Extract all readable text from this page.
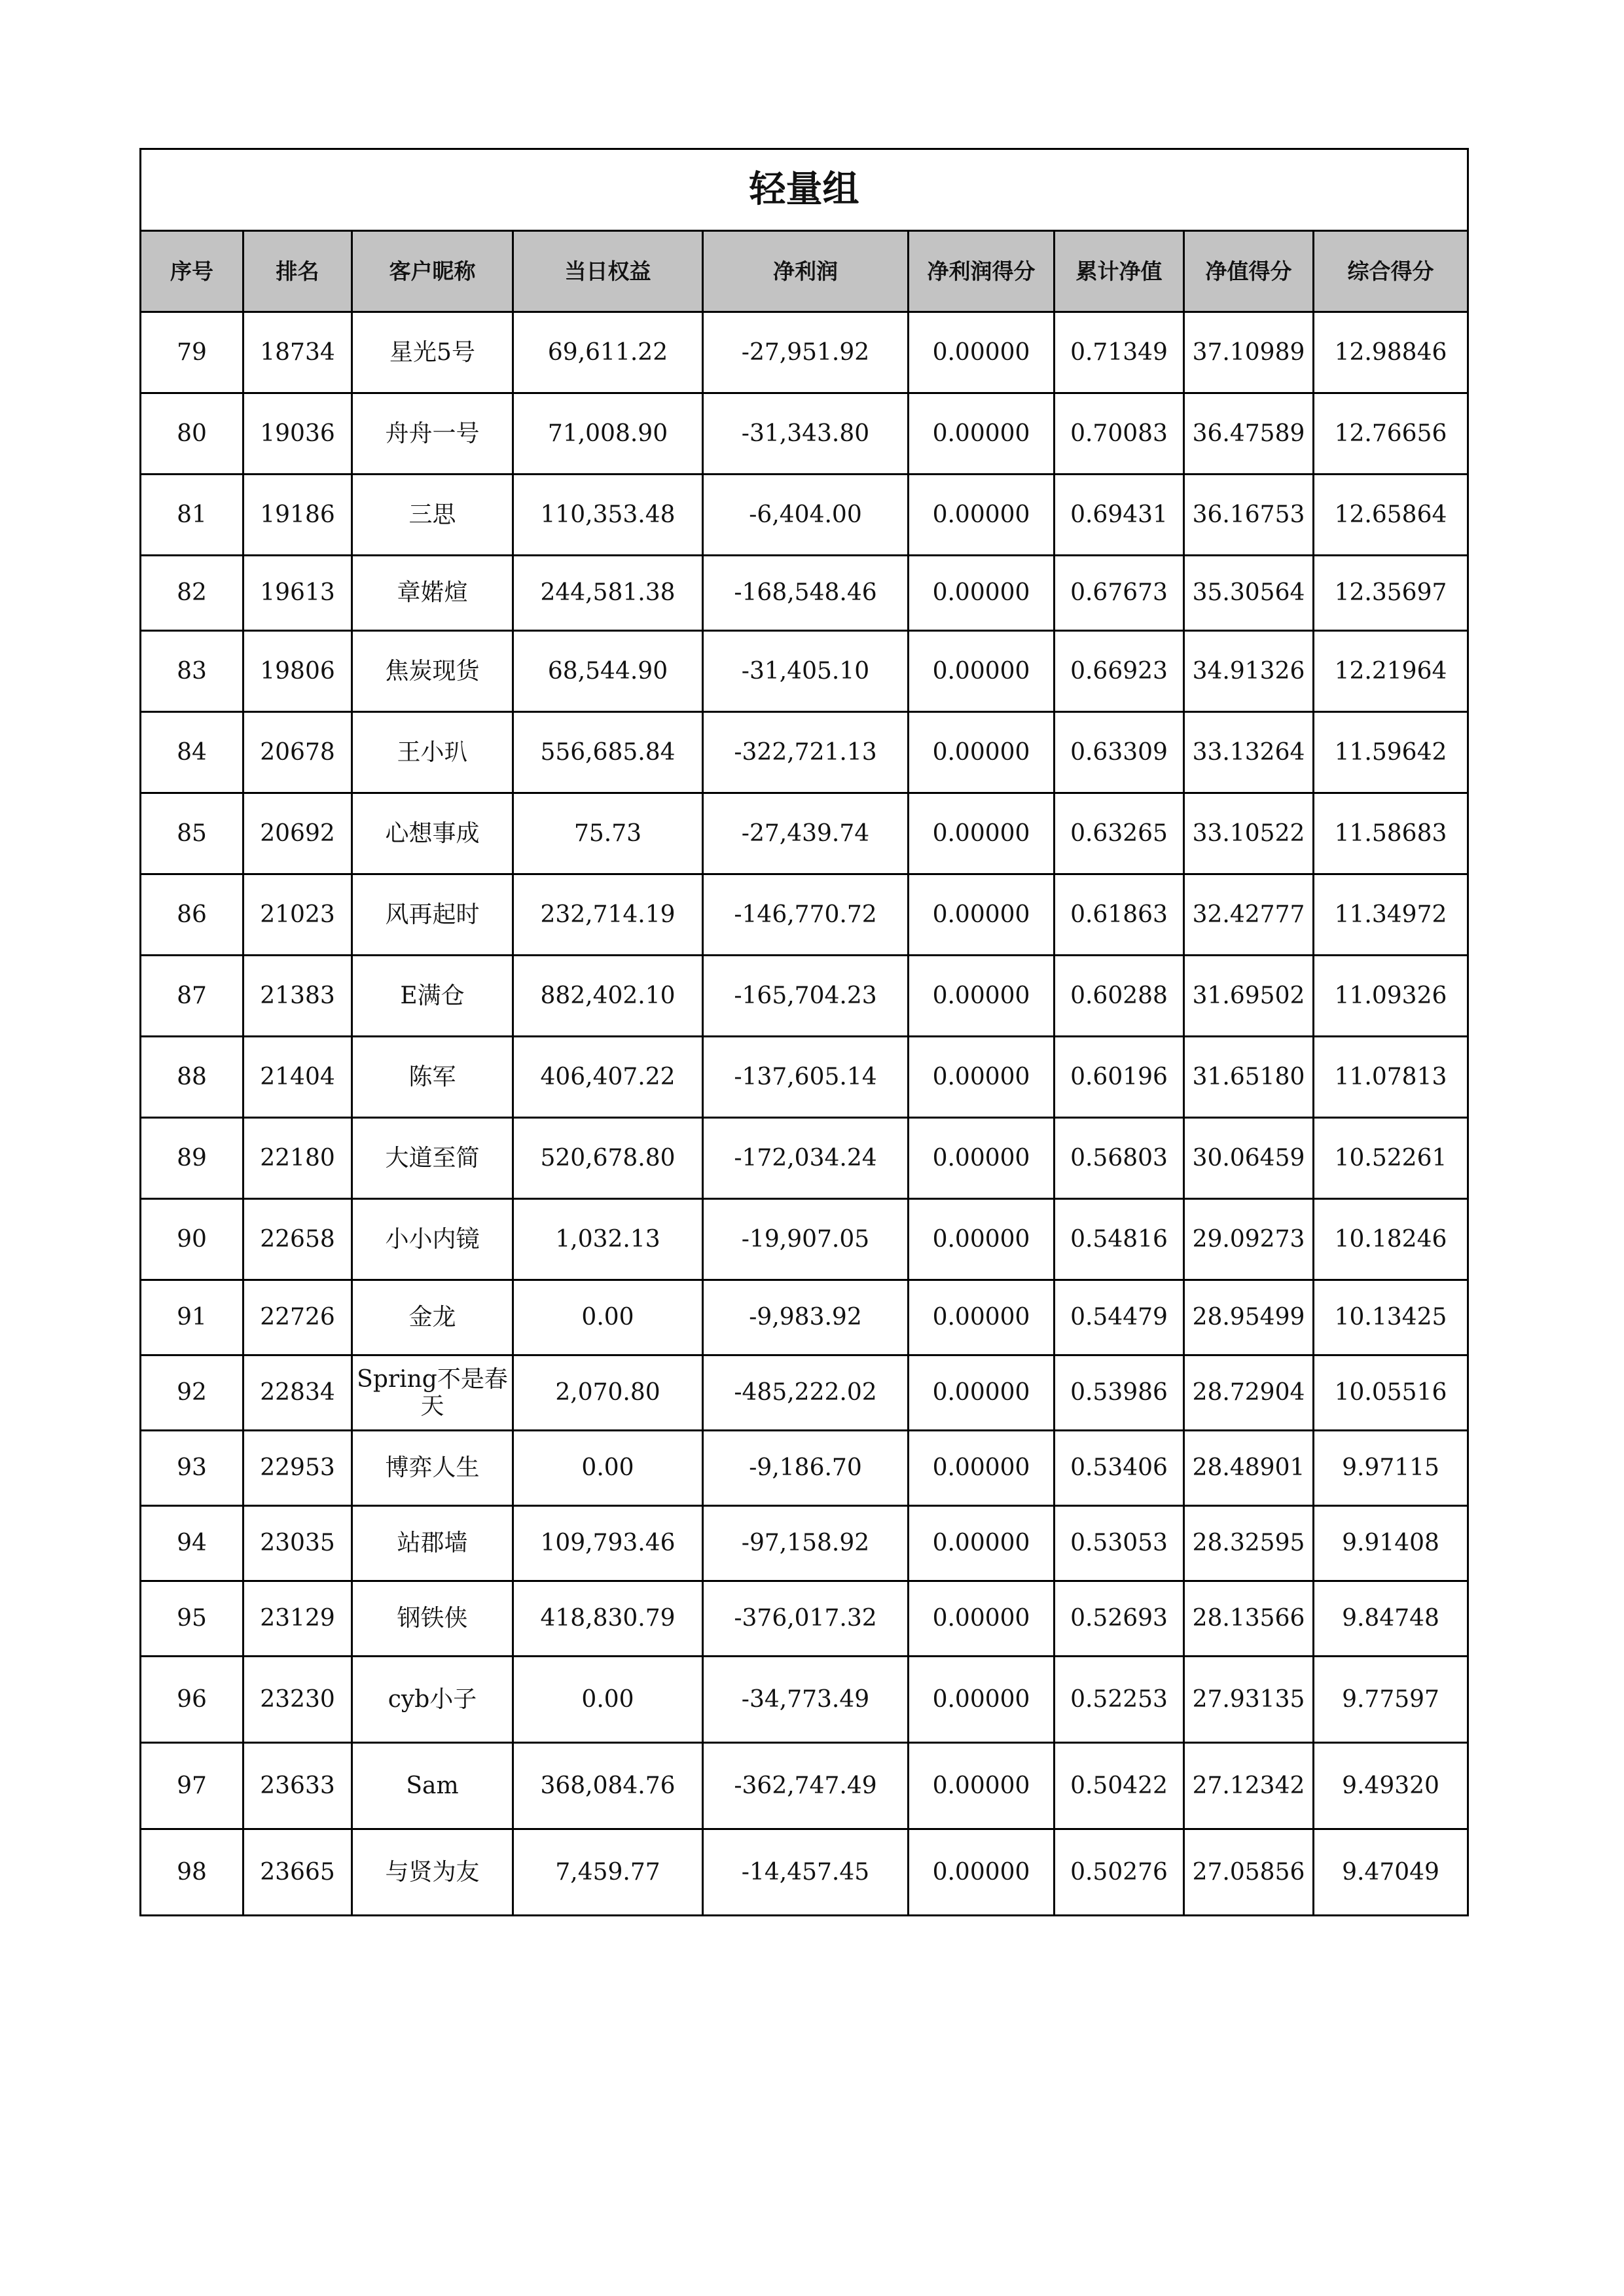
轻量组								
序号	排名	客户昵称	当日权益	净利润	净利润得分	累计净值	净值得分	综合得分
79	18734	星光5号	69,611.22	-27,951.92	0.00000	0.71349	37.10989	12.98846
80	19036	舟舟一号	71,008.90	-31,343.80	0.00000	0.70083	36.47589	12.76656
81	19186	三思	110,353.48	-6,404.00	0.00000	0.69431	36.16753	12.65864
82	19613	章婼煊	244,581.38	-168,548.46	0.00000	0.67673	35.30564	12.35697
83	19806	焦炭现货	68,544.90	-31,405.10	0.00000	0.66923	34.91326	12.21964
84	20678	王小玐	556,685.84	-322,721.13	0.00000	0.63309	33.13264	11.59642
85	20692	心想事成	75.73	-27,439.74	0.00000	0.63265	33.10522	11.58683
86	21023	风再起时	232,714.19	-146,770.72	0.00000	0.61863	32.42777	11.34972
87	21383	E满仓	882,402.10	-165,704.23	0.00000	0.60288	31.69502	11.09326
88	21404	陈军	406,407.22	-137,605.14	0.00000	0.60196	31.65180	11.07813
89	22180	大道至简	520,678.80	-172,034.24	0.00000	0.56803	30.06459	10.52261
90	22658	小小内镜	1,032.13	-19,907.05	0.00000	0.54816	29.09273	10.18246
91	22726	金龙	0.00	-9,983.92	0.00000	0.54479	28.95499	10.13425
92	22834	Spring不是春天	2,070.80	-485,222.02	0.00000	0.53986	28.72904	10.05516
93	22953	博弈人生	0.00	-9,186.70	0.00000	0.53406	28.48901	9.97115
94	23035	站郡墙	109,793.46	-97,158.92	0.00000	0.53053	28.32595	9.91408
95	23129	钢铁侠	418,830.79	-376,017.32	0.00000	0.52693	28.13566	9.84748
96	23230	cyb小子	0.00	-34,773.49	0.00000	0.52253	27.93135	9.77597
97	23633	Sam	368,084.76	-362,747.49	0.00000	0.50422	27.12342	9.49320
98	23665	与贤为友	7,459.77	-14,457.45	0.00000	0.50276	27.05856	9.47049
